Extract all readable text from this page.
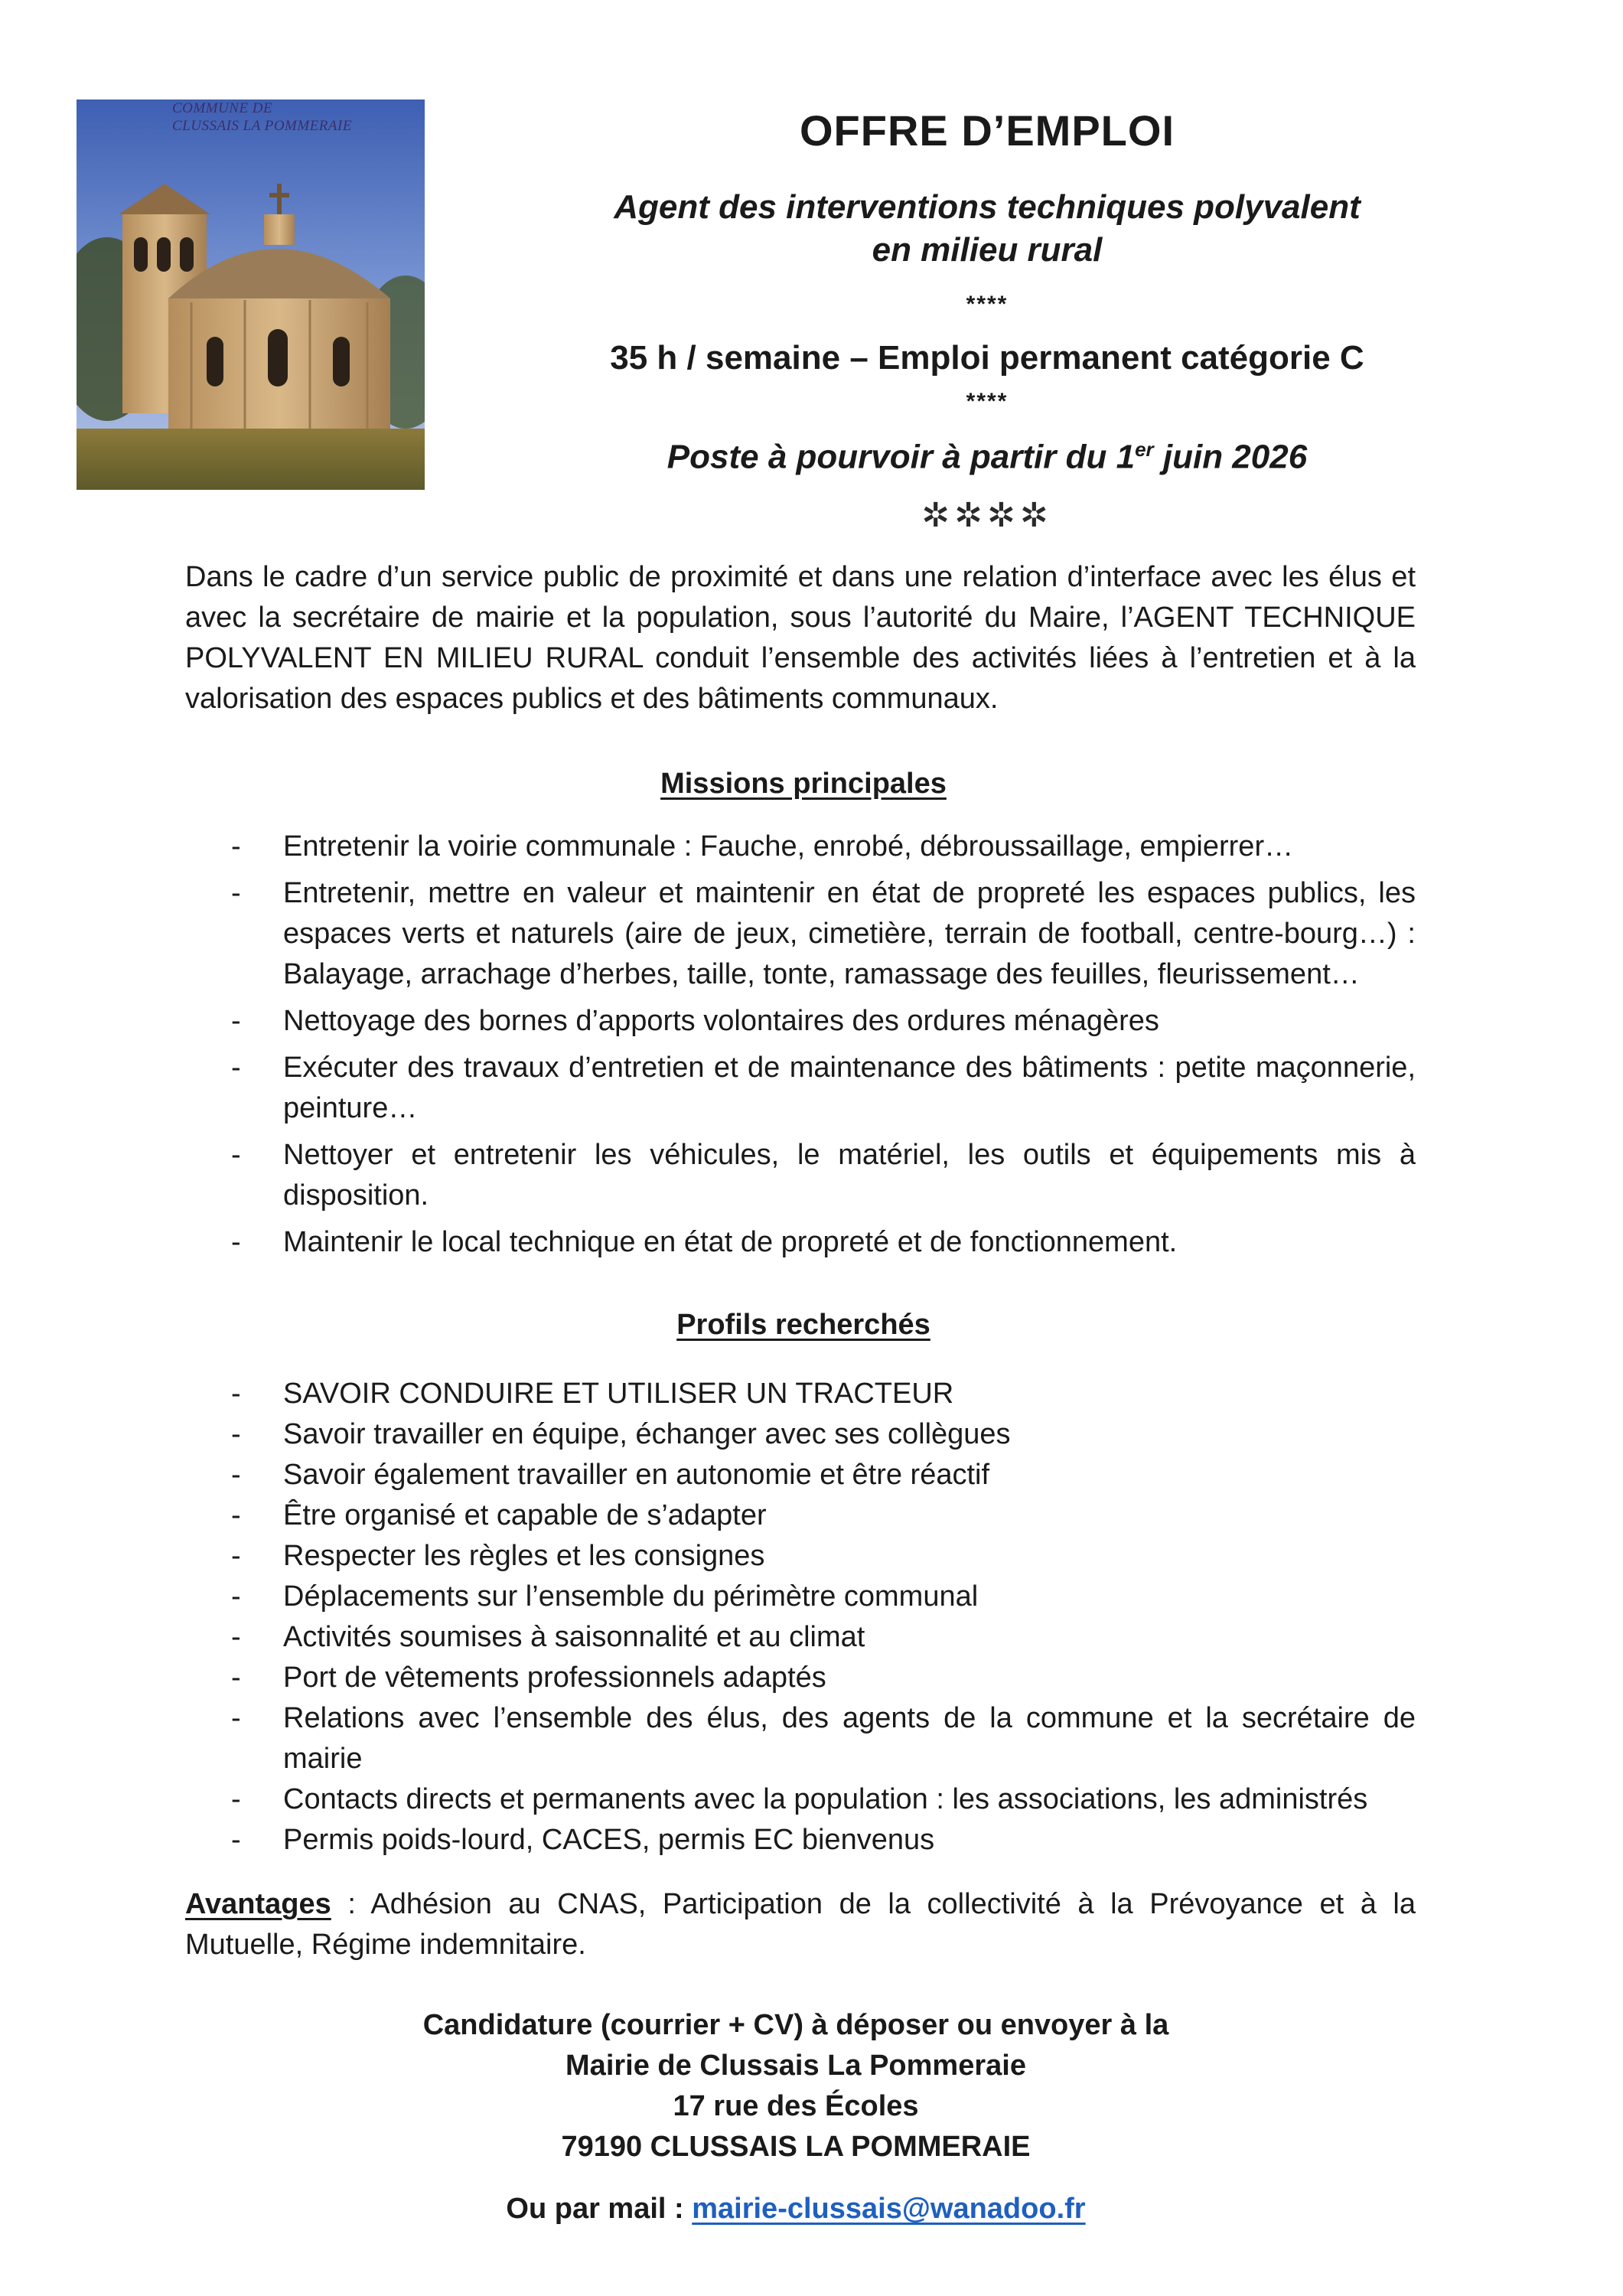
COMMUNE DE
CLUSSAIS LA POMMERAIE	OFFRE D’EMPLOI
Agent des interventions techniques polyvalent
en milieu rural
****
35 h / semaine – Emploi permanent catégorie C
****
Poste à pourvoir à partir du 1er juin 2026
✲✲✲✲
Dans le cadre d’un service public de proximité et dans une relation d’interface avec les élus et avec la secrétaire de mairie et la population, sous l’autorité du Maire, l’AGENT TECHNIQUE POLYVALENT EN MILIEU RURAL conduit l’ensemble des activités liées à l’entretien et à la valorisation des espaces publics et des bâtiments communaux.
Missions principales
- Entretenir la voirie communale : Fauche, enrobé, débroussaillage, empierrer…
- Entretenir, mettre en valeur et maintenir en état de propreté les espaces publics, les espaces verts et naturels (aire de jeux, cimetière, terrain de football, centre-bourg…) : Balayage, arrachage d’herbes, taille, tonte, ramassage des feuilles, fleurissement…
- Nettoyage des bornes d’apports volontaires des ordures ménagères
- Exécuter des travaux d’entretien et de maintenance des bâtiments : petite maçonnerie, peinture…
- Nettoyer et entretenir les véhicules, le matériel, les outils et équipements mis à disposition.
- Maintenir le local technique en état de propreté et de fonctionnement.
Profils recherchés
- SAVOIR CONDUIRE ET UTILISER UN TRACTEUR
- Savoir travailler en équipe, échanger avec ses collègues
- Savoir également travailler en autonomie et être réactif
- Être organisé et capable de s’adapter
- Respecter les règles et les consignes
- Déplacements sur l’ensemble du périmètre communal
- Activités soumises à saisonnalité et au climat
- Port de vêtements professionnels adaptés
- Relations avec l’ensemble des élus, des agents de la commune et la secrétaire de mairie
- Contacts directs et permanents avec la population : les associations, les administrés
- Permis poids-lourd, CACES, permis EC bienvenus
Avantages : Adhésion au CNAS, Participation de la collectivité à la Prévoyance et à la Mutuelle, Régime indemnitaire.
Candidature (courrier + CV) à déposer ou envoyer à la
Mairie de Clussais La Pommeraie
17 rue des Écoles
79190 CLUSSAIS LA POMMERAIE
Ou par mail : mairie-clussais@wanadoo.fr
